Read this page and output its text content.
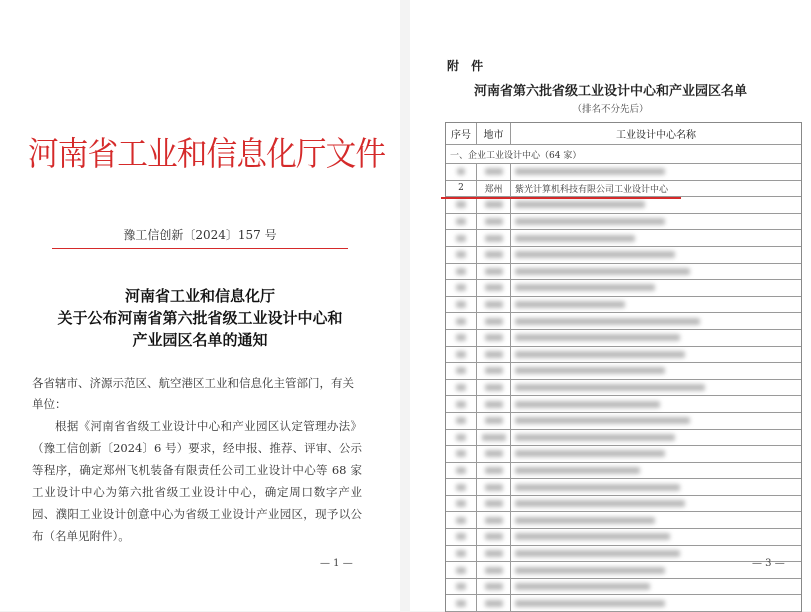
河南省工业和信息化厅文件
豫工信创新〔2024〕157 号
河南省工业和信息化厅
关于公布河南省第六批省级工业设计中心和
产业园区名单的通知
各省辖市、济源示范区、航空港区工业和信息化主管部门，有关单位：
根据《河南省省级工业设计中心和产业园区认定管理办法》（豫工信创新〔2024〕6 号）要求，经申报、推荐、评审、公示等程序，确定郑州飞机装备有限责任公司工业设计中心等 68 家工业设计中心为第六批省级工业设计中心，确定周口数字产业园、濮阳工业设计创意中心为省级工业设计产业园区，现予以公布（名单见附件）。
— 1 —
附 件
河南省第六批省级工业设计中心和产业园区名单
（排名不分先后）
序号	地市	工业设计中心名称
一、企业工业设计中心（64 家）
2	郑州	紫光计算机科技有限公司工业设计中心
— 3 —
